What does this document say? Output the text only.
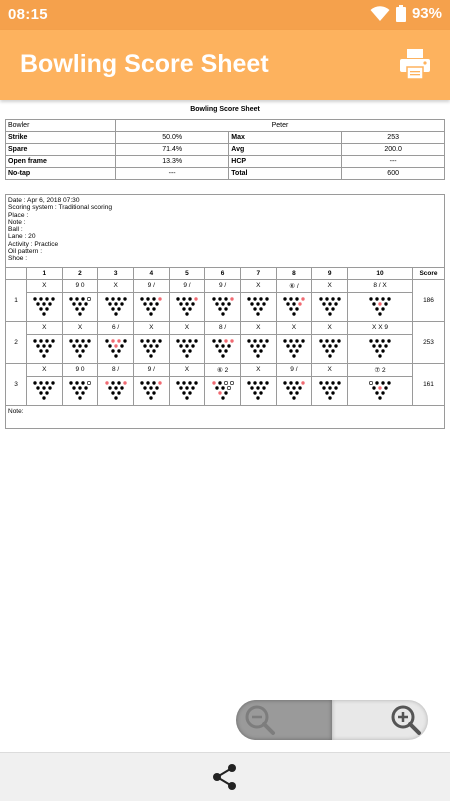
08:15	93%
Bowling Score Sheet
Bowling Score Sheet
Bowler	Peter		
Strike	50.0%	Max	253
Spare	71.4%	Avg	200.0
Open frame	13.3%	HCP	---
No-tap	---	Total	600
Date : Apr 6, 2018 07:30
Scoring system : Traditional scoring
Place :
Note :
Ball :
Lane : 20
Activity : Practice
Oil pattern :
Shoe :
	1	2	3	4	5	6	7	8	9	10	Score
1	X	9 0	X	9 /	9 /	9 /	X	⑥ /	X	8 / X	186

2	X	X	6 /	X	X	8 /	X	X	X	X X 9	253

3	X	9 0	8 /	9 /	X	⑥ 2	X	9 /	X	⑦ 2	161

Note:
